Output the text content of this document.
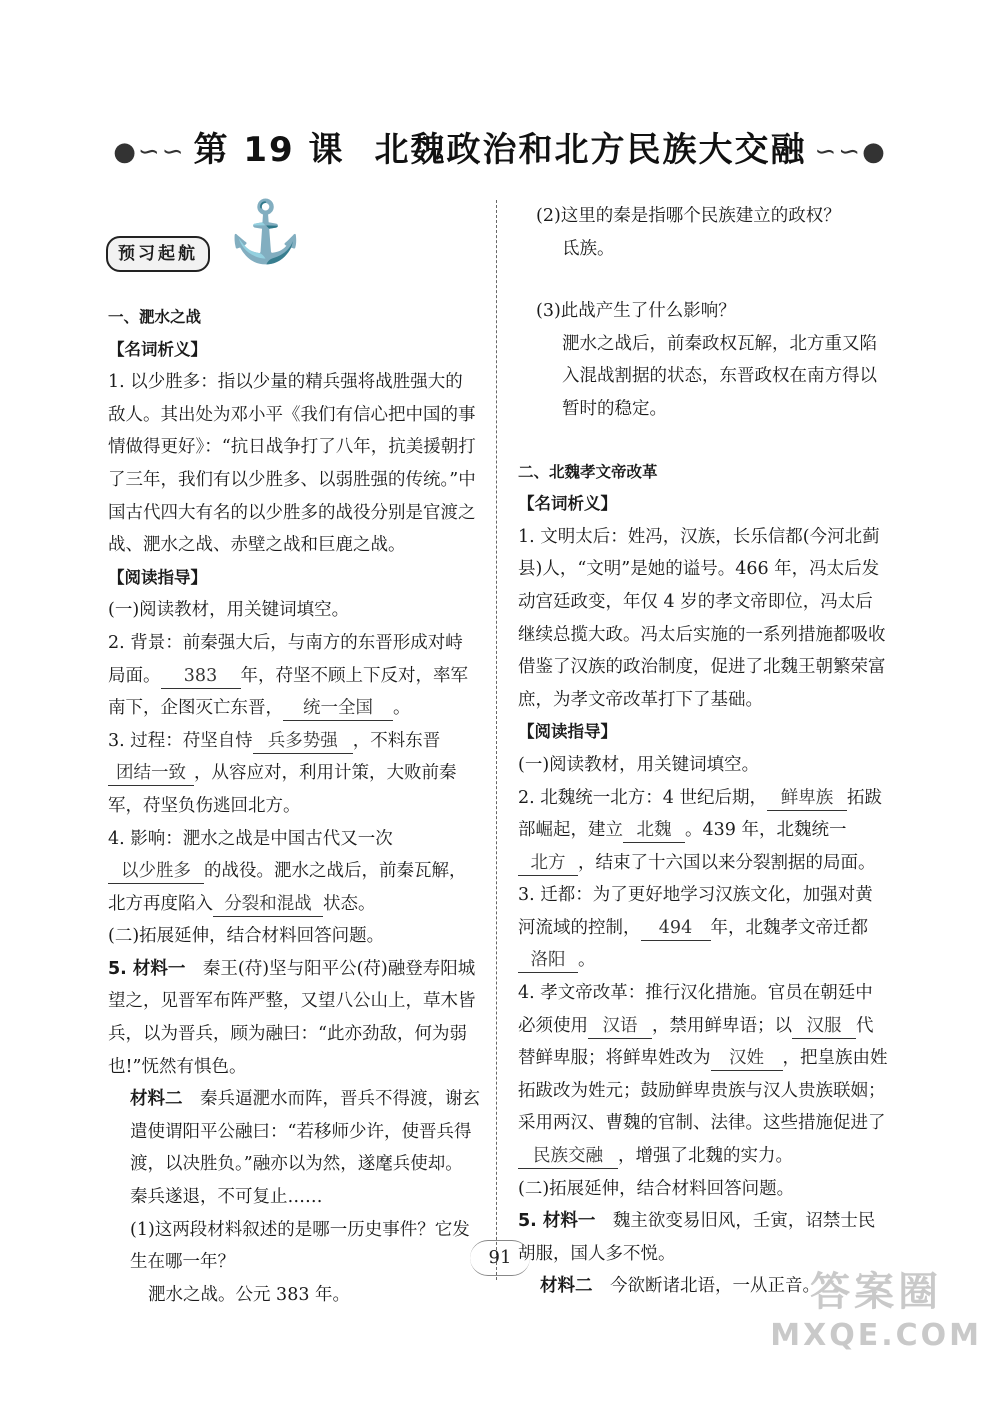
●∽∽ 第 19 课 北魏政治和北方民族大交融 ∽∽●
⚓
预习起航
一、淝水之战
【名词析义】
1. 以少胜多：指以少量的精兵强将战胜强大的敌人。其出处为邓小平《我们有信心把中国的事情做得更好》：“抗日战争打了八年，抗美援朝打了三年，我们有以少胜多、以弱胜强的传统。”中国古代四大有名的以少胜多的战役分别是官渡之战、淝水之战、赤壁之战和巨鹿之战。
【阅读指导】
(一)阅读教材，用关键词填空。
2. 背景：前秦强大后，与南方的东晋形成对峙局面。 383 年，苻坚不顾上下反对，率军南下，企图灭亡东晋， 统一全国 。
3. 过程：苻坚自恃 兵多势强 ，不料东晋团结一致 ，从容应对，利用计策，大败前秦军，苻坚负伤逃回北方。
4. 影响：淝水之战是中国古代又一次以少胜多 的战役。淝水之战后，前秦瓦解，北方再度陷入 分裂和混战 状态。
(二)拓展延伸，结合材料回答问题。
5. 材料一　 秦王(苻)坚与阳平公(苻)融登寿阳城望之，见晋军布阵严整，又望八公山上，草木皆兵，以为晋兵，顾为融曰：“此亦劲敌，何为弱也!”怃然有惧色。
材料二　 秦兵逼淝水而阵，晋兵不得渡，谢玄遣使谓阳平公融曰：“若移师少许，使晋兵得渡，以决胜负。”融亦以为然，遂麾兵使却。秦兵遂退，不可复止……
(1)这两段材料叙述的是哪一历史事件？它发生在哪一年？
淝水之战。公元 383 年。
(2)这里的秦是指哪个民族建立的政权？
氐族。
(3)此战产生了什么影响？
淝水之战后，前秦政权瓦解，北方重又陷入混战割据的状态，东晋政权在南方得以暂时的稳定。
二、北魏孝文帝改革
【名词析义】
1. 文明太后：姓冯，汉族，长乐信都(今河北蓟县)人，“文明”是她的谥号。466 年，冯太后发动宫廷政变，年仅 4 岁的孝文帝即位，冯太后继续总揽大政。冯太后实施的一系列措施都吸收借鉴了汉族的政治制度，促进了北魏王朝繁荣富庶，为孝文帝改革打下了基础。
【阅读指导】
(一)阅读教材，用关键词填空。
2. 北魏统一北方：4 世纪后期， 鲜卑族 拓跋部崛起，建立 北魏 。439 年，北魏统一北方 ，结束了十六国以来分裂割据的局面。
3. 迁都：为了更好地学习汉族文化，加强对黄河流域的控制， 494 年，北魏孝文帝迁都洛阳 。
4. 孝文帝改革：推行汉化措施。官员在朝廷中必须使用 汉语 ，禁用鲜卑语；以 汉服 代替鲜卑服；将鲜卑姓改为 汉姓 ，把皇族由姓拓跋改为姓元；鼓励鲜卑贵族与汉人贵族联姻；采用两汉、曹魏的官制、法律。这些措施促进了民族交融 ，增强了北魏的实力。
(二)拓展延伸，结合材料回答问题。
5. 材料一　 魏主欲变易旧风，壬寅，诏禁士民胡服，国人多不悦。
材料二　 今欲断诸北语，一从正音。
91
答案圈
MXQE.COM
